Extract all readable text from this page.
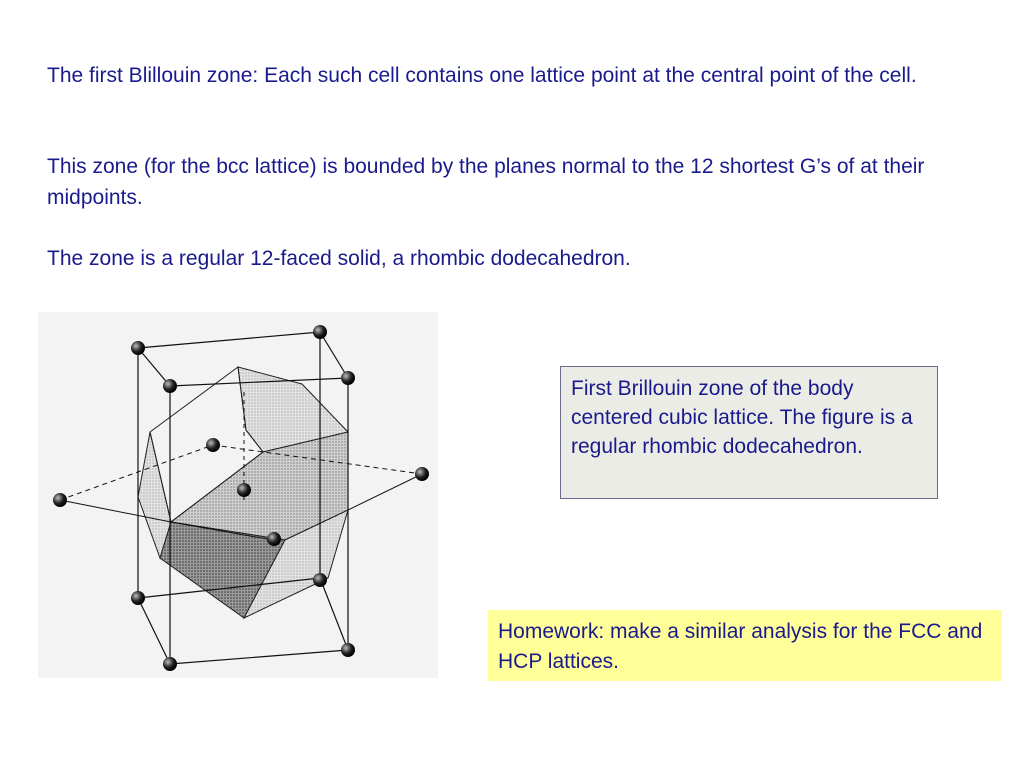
The first Blillouin zone: Each such cell contains one lattice point at the central point of the cell.

This zone (for the bcc lattice) is bounded by the planes normal to the 12 shortest G’s of at their midpoints.

The zone is a regular 12-faced solid, a rhombic dodecahedron.

First Brillouin zone of the body centered cubic lattice. The figure is a regular rhombic dodecahedron.
Homework: make a similar analysis for the FCC and HCP lattices.
